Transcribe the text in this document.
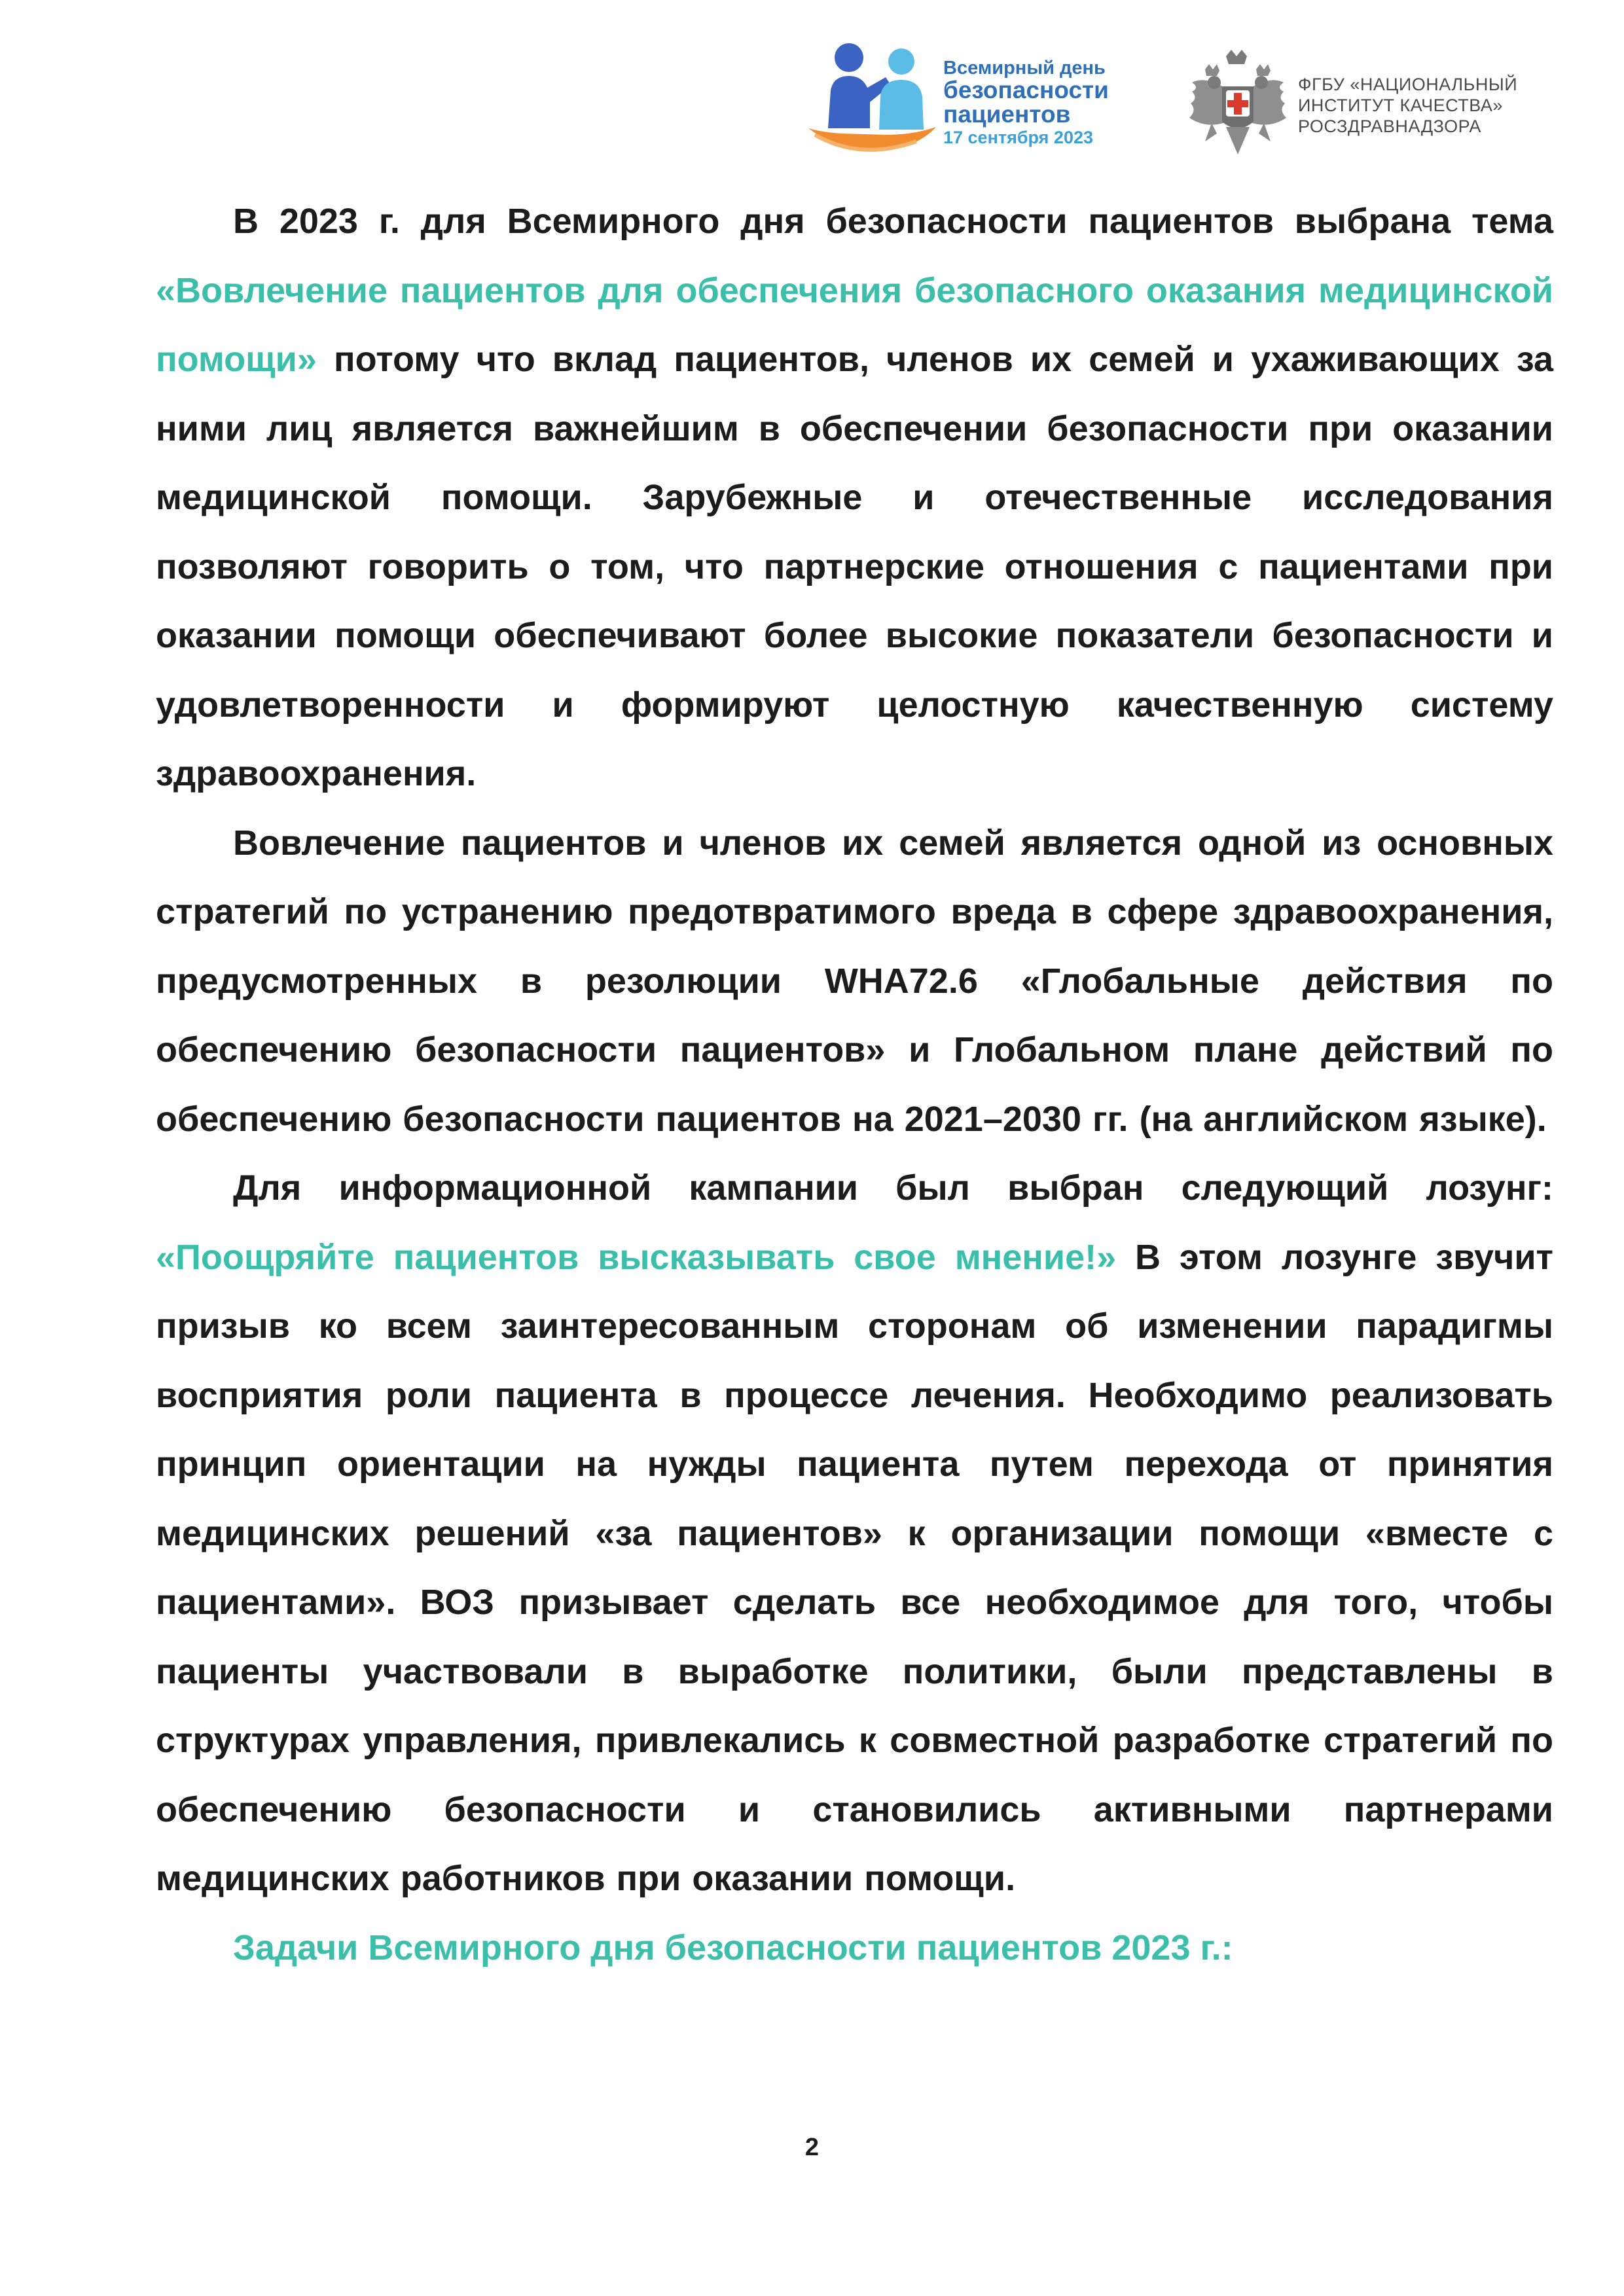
Всемирный день
безопасности
пациентов
17 сентября 2023
ФГБУ «НАЦИОНАЛЬНЫЙ
ИНСТИТУТ КАЧЕСТВА»
РОСЗДРАВНАДЗОРА

В 2023 г. для Всемирного дня безопасности пациентов выбрана тема «Вовлечение пациентов для обеспечения безопасного оказания медицинской помощи» потому что вклад пациентов, членов их семей и ухаживающих за ними лиц является важнейшим в обеспечении безопасности при оказании медицинской помощи. Зарубежные и отечественные исследования позволяют говорить о том, что партнерские отношения с пациентами при оказании помощи обеспечивают более высокие показатели безопасности и удовлетворенности и формируют целостную качественную систему здравоохранения.

Вовлечение пациентов и членов их семей является одной из основных стратегий по устранению предотвратимого вреда в сфере здравоохранения, предусмотренных в резолюции WHA72.6 «Глобальные действия по обеспечению безопасности пациентов» и Глобальном плане действий по обеспечению безопасности пациентов на 2021–2030 гг. (на английском языке).

Для информационной кампании был выбран следующий лозунг: «Поощряйте пациентов высказывать свое мнение!» В этом лозунге звучит призыв ко всем заинтересованным сторонам об изменении парадигмы восприятия роли пациента в процессе лечения. Необходимо реализовать принцип ориентации на нужды пациента путем перехода от принятия медицинских решений «за пациентов» к организации помощи «вместе с пациентами». ВОЗ призывает сделать все необходимое для того, чтобы пациенты участвовали в выработке политики, были представлены в структурах управления, привлекались к совместной разработке стратегий по обеспечению безопасности и становились активными партнерами медицинских работников при оказании помощи.

Задачи Всемирного дня безопасности пациентов 2023 г.:

2
